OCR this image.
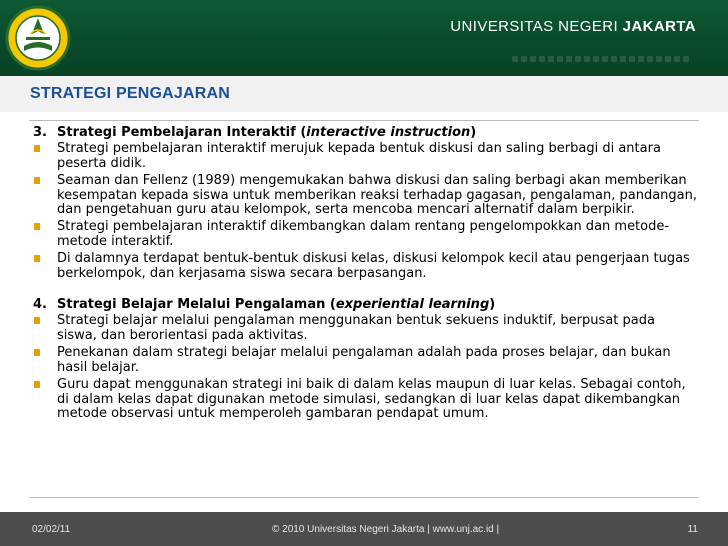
UNIVERSITAS NEGERI JAKARTA
STRATEGI PENGAJARAN

3. Strategi Pembelajaran Interaktif (interactive instruction)

Strategi pembelajaran interaktif merujuk kepada bentuk diskusi dan saling berbagi di antara peserta didik.
Seaman dan Fellenz (1989) mengemukakan bahwa diskusi dan saling berbagi akan memberikan kesempatan kepada siswa untuk memberikan reaksi terhadap gagasan, pengalaman, pandangan, dan pengetahuan guru atau kelompok, serta mencoba mencari alternatif dalam berpikir.
Strategi pembelajaran interaktif dikembangkan dalam rentang pengelompokkan dan metode-metode interaktif.
Di dalamnya terdapat bentuk-bentuk diskusi kelas, diskusi kelompok kecil atau pengerjaan tugas berkelompok, dan kerjasama siswa secara berpasangan.

4. Strategi Belajar Melalui Pengalaman (experiential learning)

Strategi belajar melalui pengalaman menggunakan bentuk sekuens induktif, berpusat pada siswa, dan berorientasi pada aktivitas.
Penekanan dalam strategi belajar melalui pengalaman adalah pada proses belajar, dan bukan hasil belajar.
Guru dapat menggunakan strategi ini baik di dalam kelas maupun di luar kelas. Sebagai contoh, di dalam kelas dapat digunakan metode simulasi, sedangkan di luar kelas dapat dikembangkan metode observasi untuk memperoleh gambaran pendapat umum.
02/02/11	© 2010 Universitas Negeri Jakarta | www.unj.ac.id |	11
